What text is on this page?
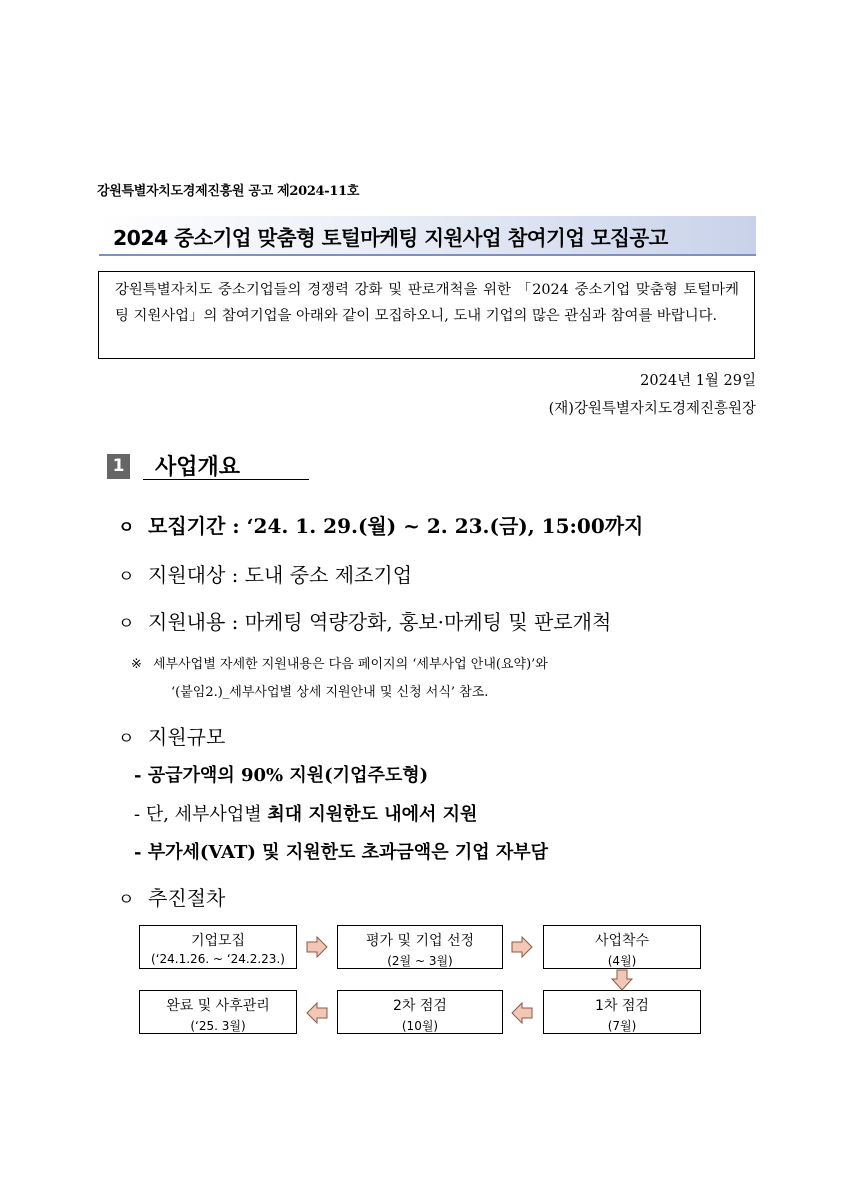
강원특별자치도경제진흥원 공고 제2024-11호
2024 중소기업 맞춤형 토털마케팅 지원사업 참여기업 모집공고
강원특별자치도 중소기업들의 경쟁력 강화 및 판로개척을 위한 「2024 중소기업 맞춤형 토털마케팅 지원사업」의 참여기업을 아래와 같이 모집하오니, 도내 기업의 많은 관심과 참여를 바랍니다.
2024년 1월 29일
(재)강원특별자치도경제진흥원장
1	사업개요
ㅇ 모집기간 : ‘24. 1. 29.(월) ~ 2. 23.(금), 15:00까지
ㅇ 지원대상 : 도내 중소 제조기업
ㅇ 지원내용 : 마케팅 역량강화, 홍보·마케팅 및 판로개척

※ 세부사업별 자세한 지원내용은 다음 페이지의 ‘세부사업 안내(요약)’와

‘(붙임2.)_세부사업별 상세 지원안내 및 신청 서식’ 참조.

ㅇ 지원규모
- 공급가액의 90% 지원(기업주도형)
- 단, 세부사업별 최대 지원한도 내에서 지원
- 부가세(VAT) 및 지원한도 초과금액은 기업 자부담
ㅇ 추진절차
기업모집
(‘24.1.26. ~ ‘24.2.23.)
평가 및 기업 선정
(2월 ~ 3월)
사업착수
(4월)
1차 점검
(7월)
2차 점검
(10월)
완료 및 사후관리
(‘25. 3월)
